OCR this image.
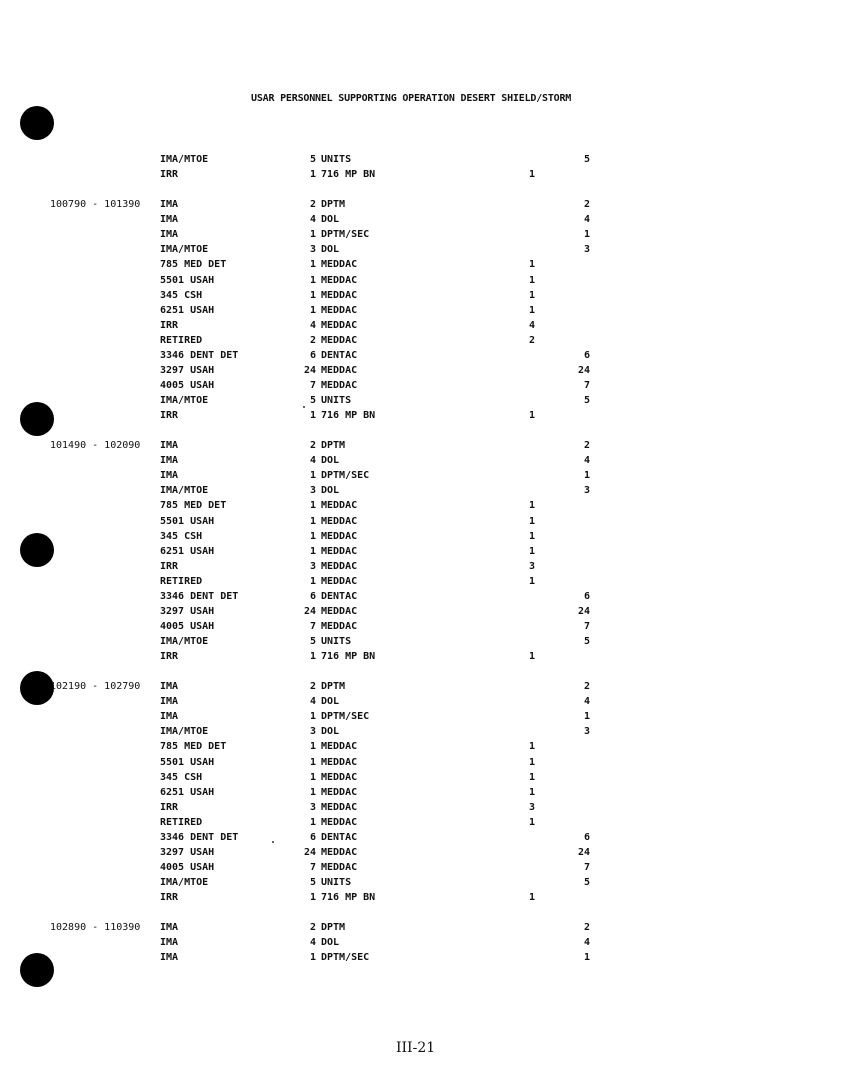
USAR PERSONNEL SUPPORTING OPERATION DESERT SHIELD/STORM
IMA/MTOE	5 UNITS	5
IRR	1 716 MP BN	1
100790 - 101390 IMA	2 DPTM	2
IMA	4 DOL	4
IMA	1 DPTM/SEC	1
IMA/MTOE	3 DOL	3
785 MED DET	1 MEDDAC	1
5501 USAH	1 MEDDAC	1
345 CSH	1 MEDDAC	1
6251 USAH	1 MEDDAC	1
IRR	4 MEDDAC	4
RETIRED	2 MEDDAC	2
3346 DENT DET	6 DENTAC	6
3297 USAH	24 MEDDAC	24
4005 USAH	7 MEDDAC	7
IMA/MTOE	5 UNITS	5
IRR	1 716 MP BN	1
101490 - 102090 IMA	2 DPTM	2
IMA	4 DOL	4
IMA	1 DPTM/SEC	1
IMA/MTOE	3 DOL	3
785 MED DET	1 MEDDAC	1
5501 USAH	1 MEDDAC	1
345 CSH	1 MEDDAC	1
6251 USAH	1 MEDDAC	1
IRR	3 MEDDAC	3
RETIRED	1 MEDDAC	1
3346 DENT DET	6 DENTAC	6
3297 USAH	24 MEDDAC	24
4005 USAH	7 MEDDAC	7
IMA/MTOE	5 UNITS	5
IRR	1 716 MP BN	1
102190 - 102790 IMA	2 DPTM	2
IMA	4 DOL	4
IMA	1 DPTM/SEC	1
IMA/MTOE	3 DOL	3
785 MED DET	1 MEDDAC	1
5501 USAH	1 MEDDAC	1
345 CSH	1 MEDDAC	1
6251 USAH	1 MEDDAC	1
IRR	3 MEDDAC	3
RETIRED	1 MEDDAC	1
3346 DENT DET	6 DENTAC	6
3297 USAH	24 MEDDAC	24
4005 USAH	7 MEDDAC	7
IMA/MTOE	5 UNITS	5
IRR	1 716 MP BN	1
102890 - 110390 IMA	2 DPTM	2
IMA	4 DOL	4
IMA	1 DPTM/SEC	1
III-21
